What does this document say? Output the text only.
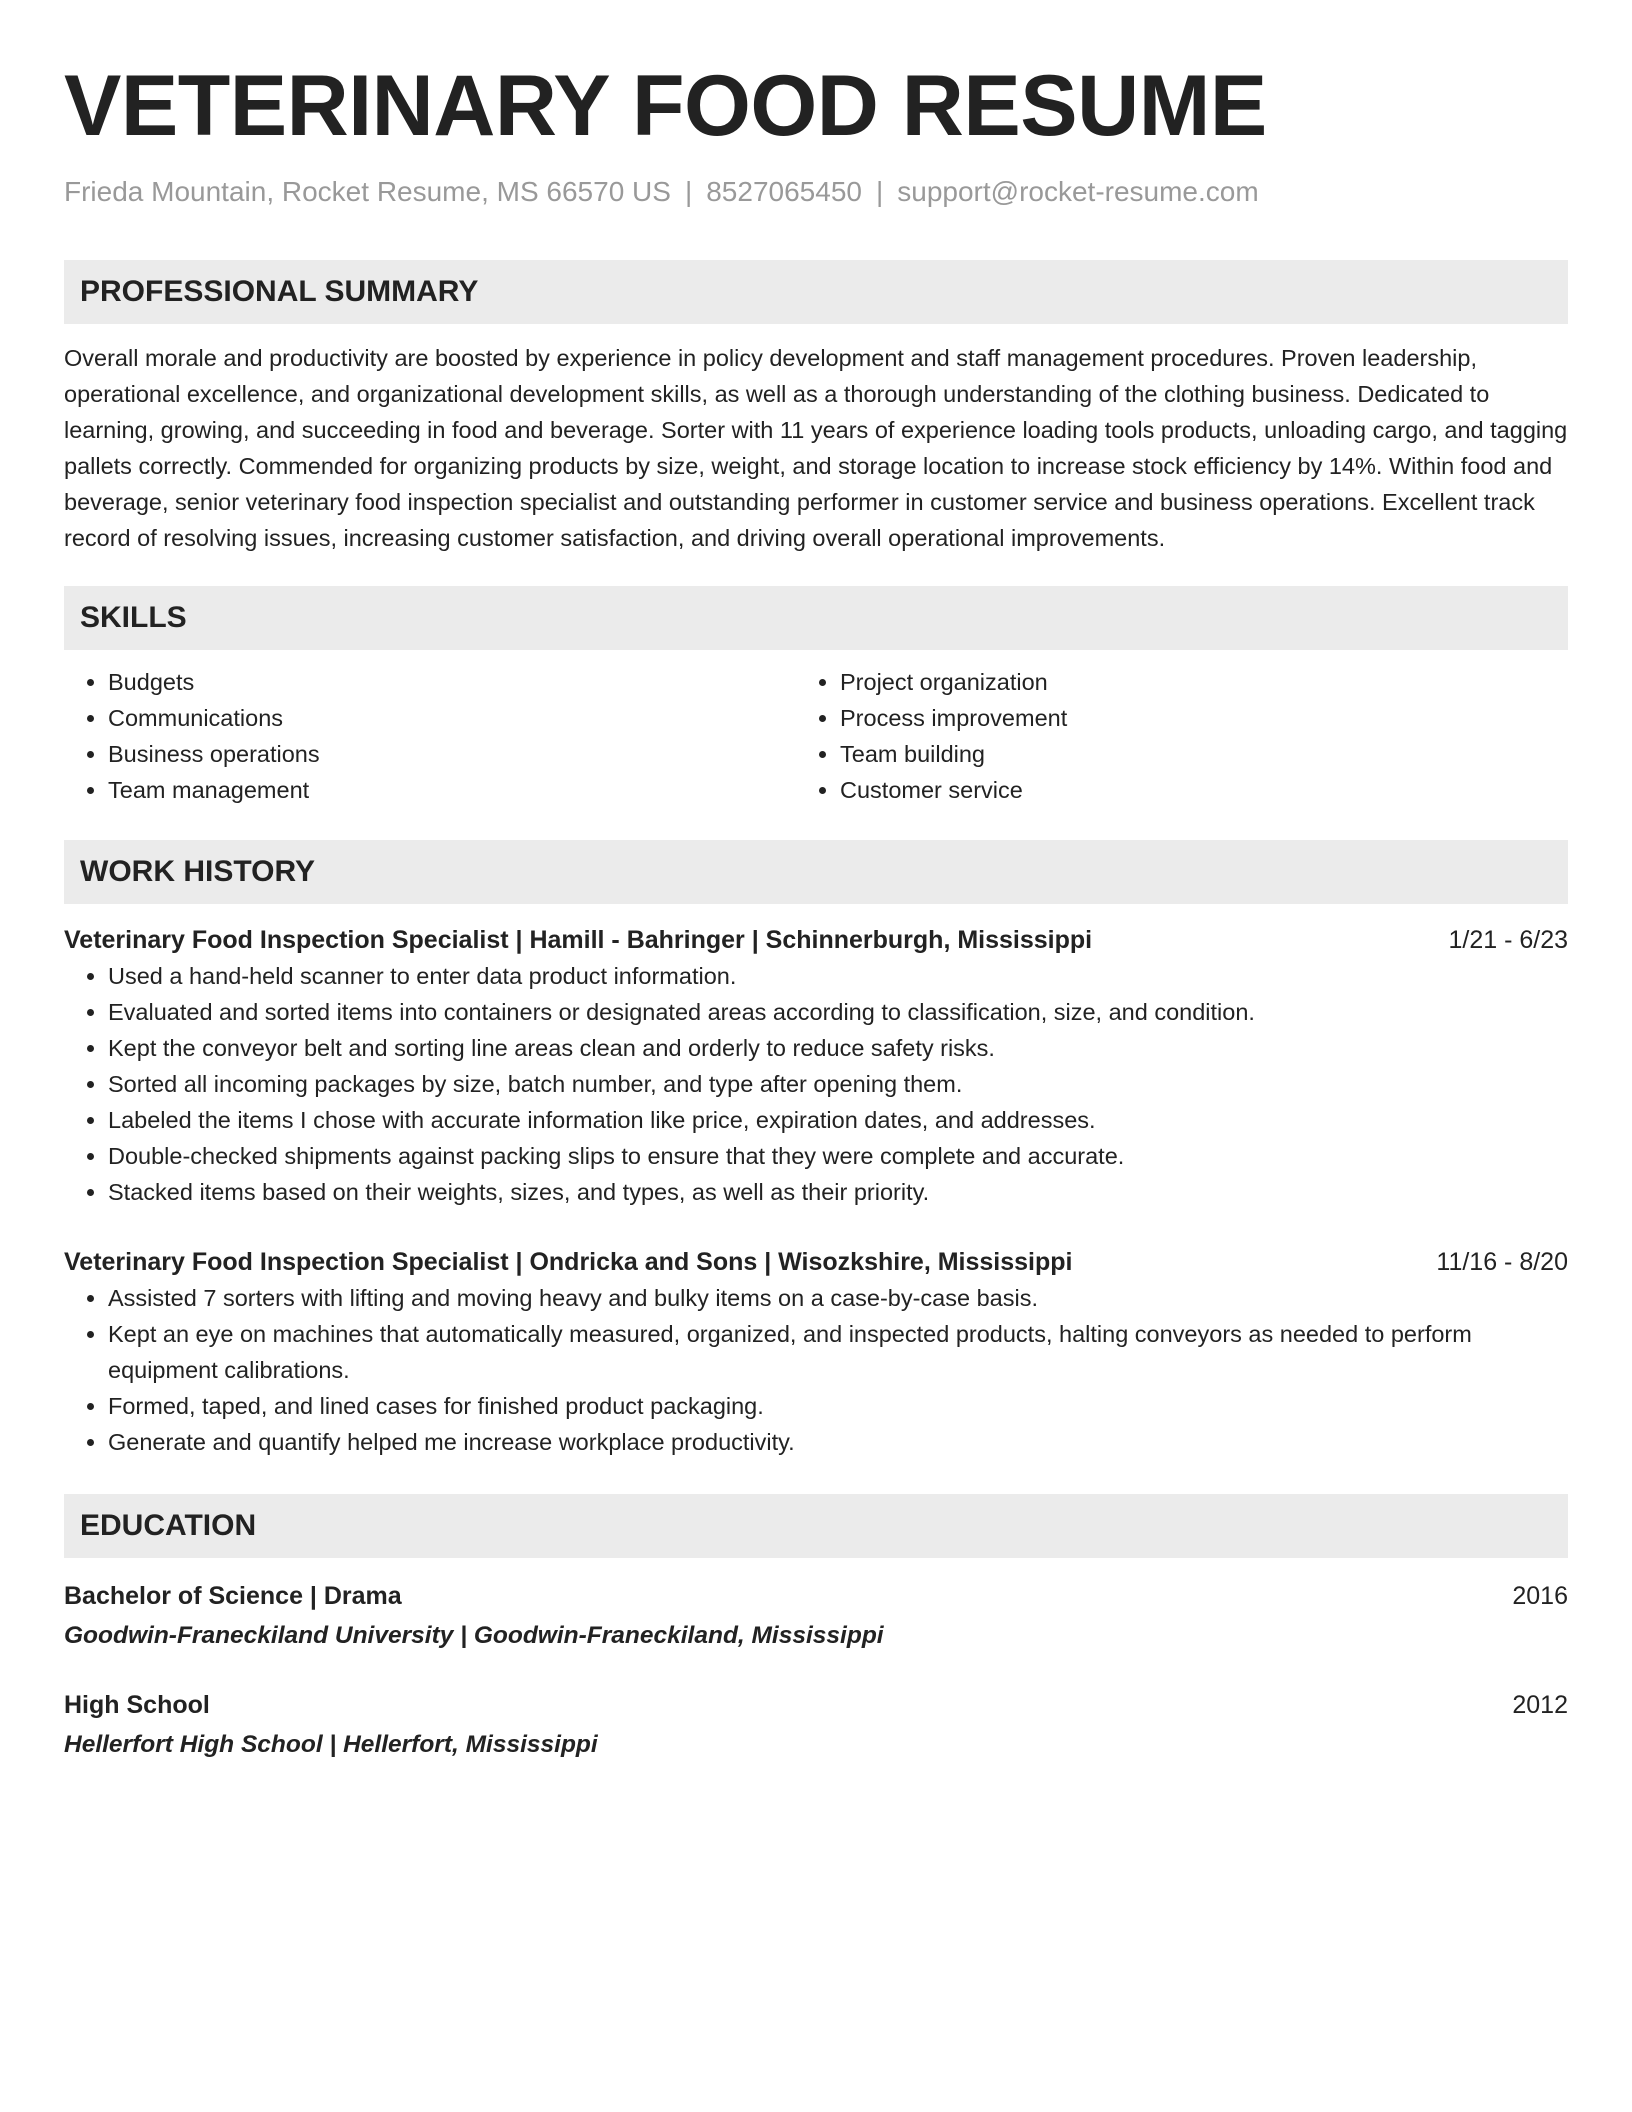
VETERINARY FOOD RESUME
Frieda Mountain, Rocket Resume, MS 66570 US | 8527065450 | support@rocket-resume.com
PROFESSIONAL SUMMARY
Overall morale and productivity are boosted by experience in policy development and staff management procedures. Proven leadership, operational excellence, and organizational development skills, as well as a thorough understanding of the clothing business. Dedicated to learning, growing, and succeeding in food and beverage. Sorter with 11 years of experience loading tools products, unloading cargo, and tagging pallets correctly. Commended for organizing products by size, weight, and storage location to increase stock efficiency by 14%. Within food and beverage, senior veterinary food inspection specialist and outstanding performer in customer service and business operations. Excellent track record of resolving issues, increasing customer satisfaction, and driving overall operational improvements.
SKILLS
• Budgets
• Communications
• Business operations
• Team management
• Project organization
• Process improvement
• Team building
• Customer service
WORK HISTORY
Veterinary Food Inspection Specialist | Hamill - Bahringer | Schinnerburgh, Mississippi	1/21 - 6/23
• Used a hand-held scanner to enter data product information.
• Evaluated and sorted items into containers or designated areas according to classification, size, and condition.
• Kept the conveyor belt and sorting line areas clean and orderly to reduce safety risks.
• Sorted all incoming packages by size, batch number, and type after opening them.
• Labeled the items I chose with accurate information like price, expiration dates, and addresses.
• Double-checked shipments against packing slips to ensure that they were complete and accurate.
• Stacked items based on their weights, sizes, and types, as well as their priority.
Veterinary Food Inspection Specialist | Ondricka and Sons | Wisozkshire, Mississippi	11/16 - 8/20
• Assisted 7 sorters with lifting and moving heavy and bulky items on a case-by-case basis.
• Kept an eye on machines that automatically measured, organized, and inspected products, halting conveyors as needed to perform equipment calibrations.
• Formed, taped, and lined cases for finished product packaging.
• Generate and quantify helped me increase workplace productivity.
EDUCATION
Bachelor of Science | Drama	2016
Goodwin-Franeckiland University | Goodwin-Franeckiland, Mississippi
High School	2012
Hellerfort High School | Hellerfort, Mississippi
